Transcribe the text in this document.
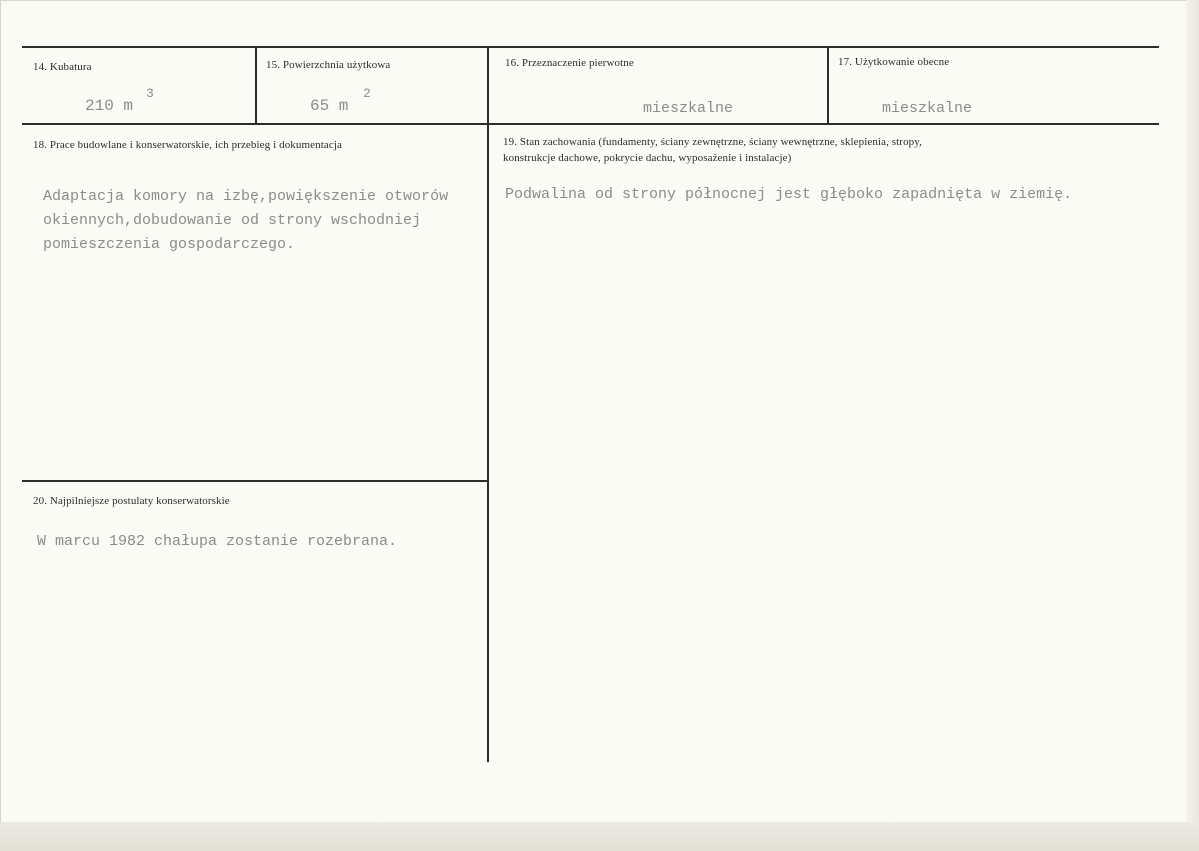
14. Kubatura
210 m
3
15. Powierzchnia użytkowa
65 m
2
16. Przeznaczenie pierwotne
mieszkalne
17. Użytkowanie obecne
mieszkalne
18. Prace budowlane i konserwatorskie, ich przebieg i dokumentacja
Adaptacja komory na izbę,powiększenie otworów
okiennych,dobudowanie od strony wschodniej
pomieszczenia gospodarczego.
19. Stan zachowania (fundamenty, ściany zewnętrzne, ściany wewnętrzne, sklepienia, stropy,
konstrukcje dachowe, pokrycie dachu, wyposażenie i instalacje)
Podwalina od strony północnej jest głęboko zapadnięta w ziemię.
20. Najpilniejsze postulaty konserwatorskie
W marcu 1982 chałupa zostanie rozebrana.
